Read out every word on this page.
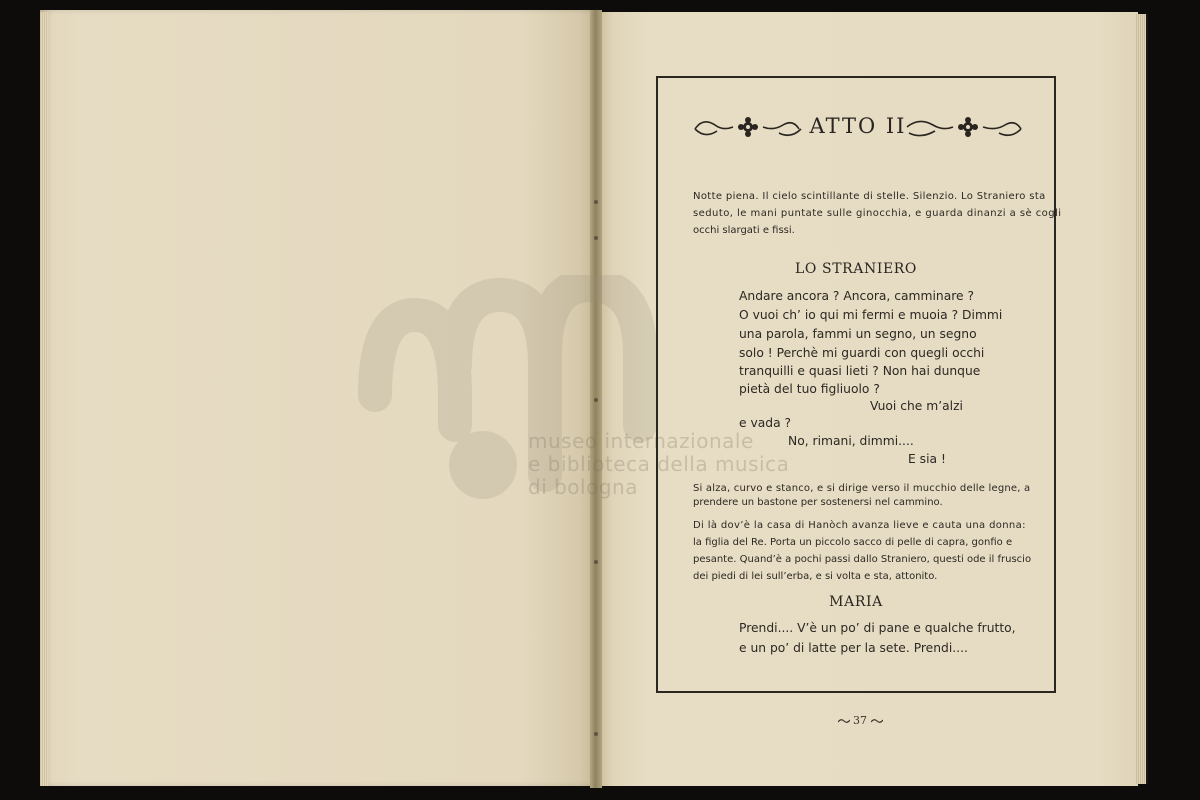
museo internazionale
e biblioteca della musica
di bologna
ATTO II
Notte piena. Il cielo scintillante di stelle. Silenzio. Lo Straniero sta
seduto, le mani puntate sulle ginocchia, e guarda dinanzi a sè cogli
occhi slargati e fissi.
LO STRANIERO
Andare ancora ? Ancora, camminare ?
O vuoi ch’ io qui mi fermi e muoia ? Dimmi
una parola, fammi un segno, un segno
solo ! Perchè mi guardi con quegli occhi
tranquilli e quasi lieti ? Non hai dunque
pietà del tuo figliuolo ?
Vuoi che m’alzi
e vada ?
No, rimani, dimmi....
E sia !
Si alza, curvo e stanco, e si dirige verso il mucchio delle legne, a
prendere un bastone per sostenersi nel cammino.
Di là dov’è la casa di Hanòch avanza lieve e cauta una donna:
la figlia del Re. Porta un piccolo sacco di pelle di capra, gonfio e
pesante. Quand’è a pochi passi dallo Straniero, questi ode il fruscio
dei piedi di lei sull’erba, e si volta e sta, attonito.
MARIA
Prendi.... V’è un po’ di pane e qualche frutto,
e un po’ di latte per la sete. Prendi....
37
